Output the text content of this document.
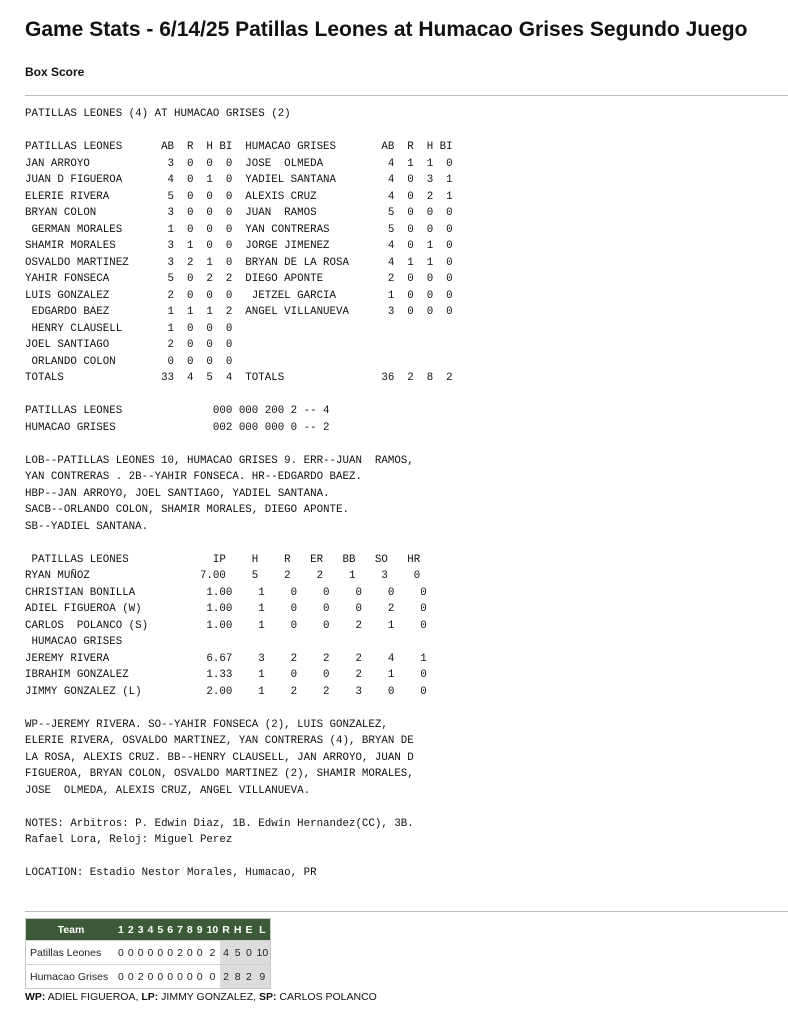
Game Stats - 6/14/25 Patillas Leones at Humacao Grises Segundo Juego
Box Score
PATILLAS LEONES (4) AT HUMACAO GRISES (2)

PATILLAS LEONES      AB  R  H BI  HUMACAO GRISES       AB  R  H BI
JAN ARROYO            3  0  0  0  JOSE  OLMEDA          4  1  1  0
JUAN D FIGUEROA       4  0  1  0  YADIEL SANTANA        4  0  3  1
ELERIE RIVERA         5  0  0  0  ALEXIS CRUZ           4  0  2  1
BRYAN COLON           3  0  0  0  JUAN  RAMOS           5  0  0  0
GERMAN MORALES       1  0  0  0  YAN CONTRERAS         5  0  0  0
SHAMIR MORALES        3  1  0  0  JORGE JIMENEZ         4  0  1  0
OSVALDO MARTINEZ      3  2  1  0  BRYAN DE LA ROSA      4  1  1  0
YAHIR FONSECA         5  0  2  2  DIEGO APONTE          2  0  0  0
LUIS GONZALEZ         2  0  0  0   JETZEL GARCIA        1  0  0  0
EDGARDO BAEZ         1  1  1  2  ANGEL VILLANUEVA      3  0  0  0
HENRY CLAUSELL       1  0  0  0
JOEL SANTIAGO         2  0  0  0
ORLANDO COLON        0  0  0  0
TOTALS               33  4  5  4  TOTALS               36  2  8  2

PATILLAS LEONES              000 000 200 2 -- 4
HUMACAO GRISES               002 000 000 0 -- 2

LOB--PATILLAS LEONES 10, HUMACAO GRISES 9. ERR--JUAN  RAMOS,
YAN CONTRERAS . 2B--YAHIR FONSECA. HR--EDGARDO BAEZ.
HBP--JAN ARROYO, JOEL SANTIAGO, YADIEL SANTANA.
SACB--ORLANDO COLON, SHAMIR MORALES, DIEGO APONTE.
SB--YADIEL SANTANA.

PATILLAS LEONES             IP    H    R   ER   BB   SO   HR
RYAN MUÑOZ                 7.00    5    2    2    1    3    0
CHRISTIAN BONILLA           1.00    1    0    0    0    0    0
ADIEL FIGUEROA (W)          1.00    1    0    0    0    2    0
CARLOS  POLANCO (S)         1.00    1    0    0    2    1    0
HUMACAO GRISES
JEREMY RIVERA               6.67    3    2    2    2    4    1
IBRAHIM GONZALEZ            1.33    1    0    0    2    1    0
JIMMY GONZALEZ (L)          2.00    1    2    2    3    0    0

WP--JEREMY RIVERA. SO--YAHIR FONSECA (2), LUIS GONZALEZ,
ELERIE RIVERA, OSVALDO MARTINEZ, YAN CONTRERAS (4), BRYAN DE
LA ROSA, ALEXIS CRUZ. BB--HENRY CLAUSELL, JAN ARROYO, JUAN D
FIGUEROA, BRYAN COLON, OSVALDO MARTINEZ (2), SHAMIR MORALES,
JOSE  OLMEDA, ALEXIS CRUZ, ANGEL VILLANUEVA.

NOTES: Arbitros: P. Edwin Diaz, 1B. Edwin Hernandez(CC), 3B.
Rafael Lora, Reloj: Miguel Perez

LOCATION: Estadio Nestor Morales, Humacao, PR
Team	1	2	3	4	5	6	7	8	9	10	R	H	E	L
Patillas Leones	0	0	0	0	0	0	2	0	0	2	4	5	0	10
Humacao Grises	0	0	2	0	0	0	0	0	0	0	2	8	2	9
WP: ADIEL FIGUEROA, LP: JIMMY GONZALEZ, SP: CARLOS POLANCO
